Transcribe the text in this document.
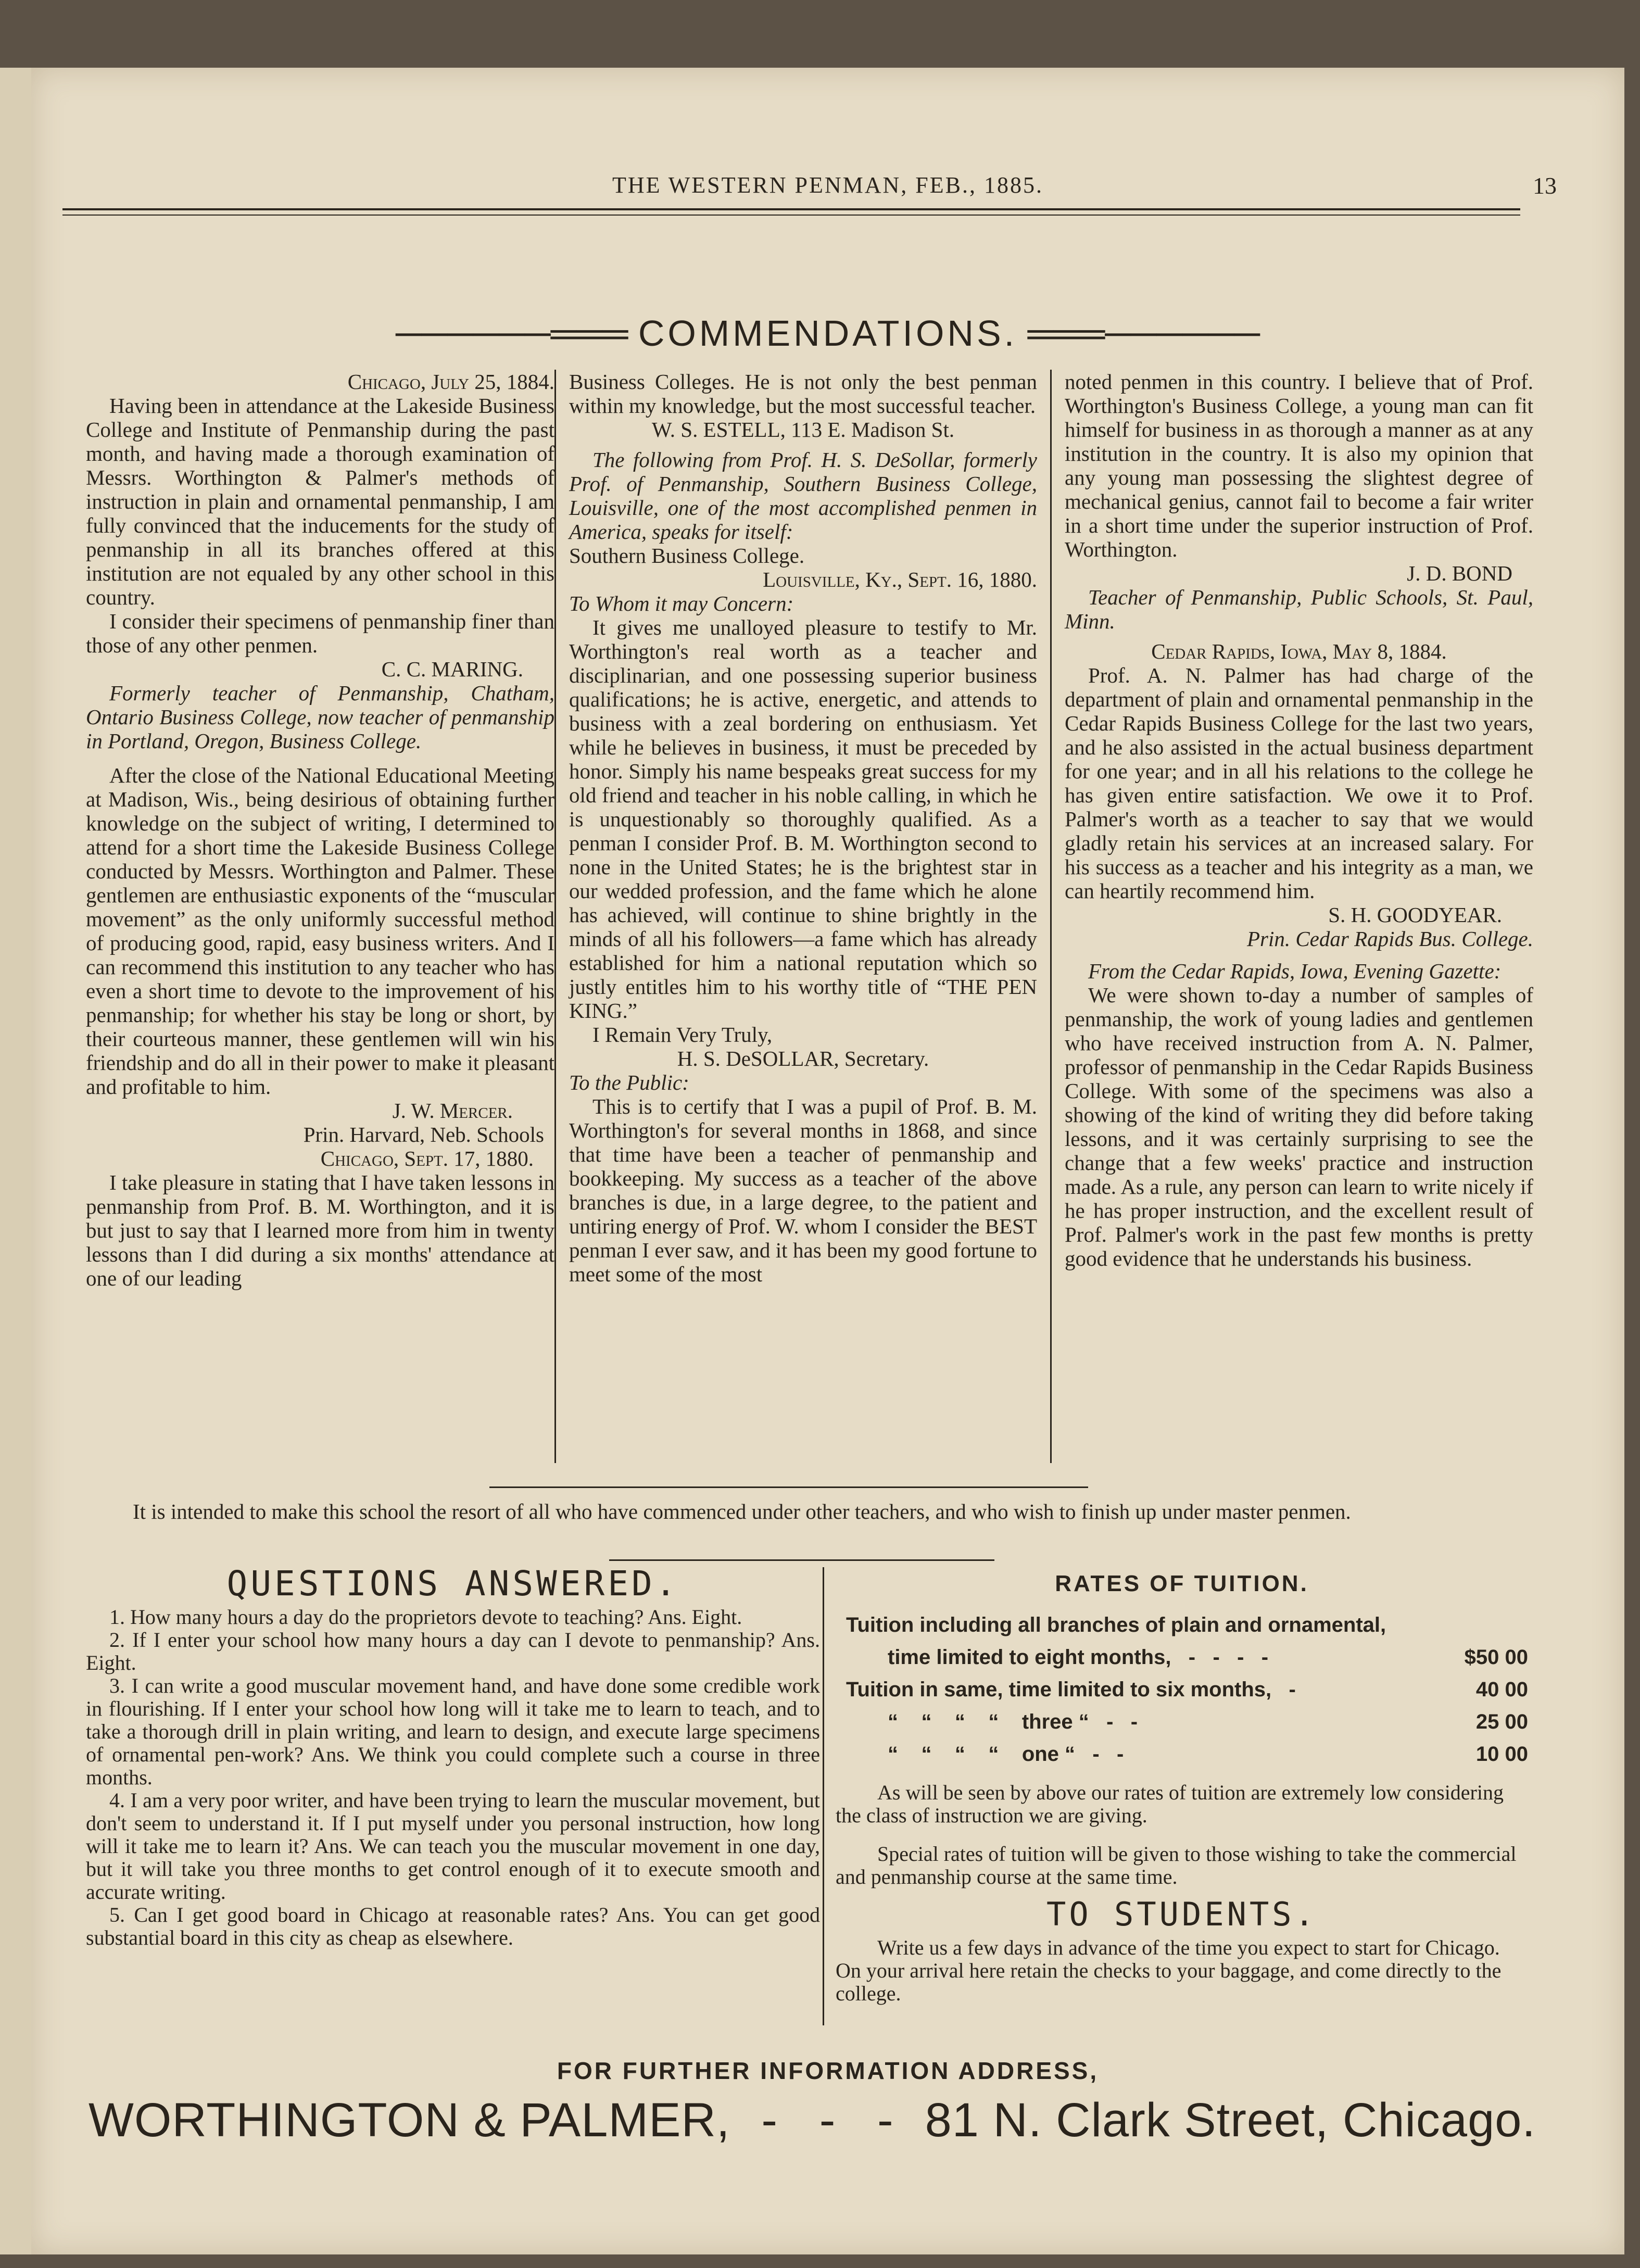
THE WESTERN PENMAN, FEB., 1885.	13
──────═══ COMMENDATIONS. ═══──────

Chicago, July 25, 1884.

Having been in attendance at the Lakeside Business College and Institute of Penmanship during the past month, and having made a thorough examination of Messrs. Worthington & Palmer's methods of instruction in plain and ornamental penmanship, I am fully convinced that the inducements for the study of penmanship in all its branches offered at this institution are not equaled by any other school in this country.

I consider their specimens of penmanship finer than those of any other penmen.

C. C. MARING.

Formerly teacher of Penmanship, Chatham, Ontario Business College, now teacher of penmanship in Portland, Oregon, Business College.

After the close of the National Educational Meeting at Madison, Wis., being desirious of obtaining further knowledge on the subject of writing, I determined to attend for a short time the Lakeside Business College conducted by Messrs. Worthington and Palmer. These gentlemen are enthusiastic exponents of the “muscular movement” as the only uniformly successful method of producing good, rapid, easy business writers. And I can recommend this institution to any teacher who has even a short time to devote to the improvement of his penmanship; for whether his stay be long or short, by their courteous manner, these gentlemen will win his friendship and do all in their power to make it pleasant and profitable to him.

J. W. Mercer.

Prin. Harvard, Neb. Schools

Chicago, Sept. 17, 1880.

I take pleasure in stating that I have taken lessons in penmanship from Prof. B. M. Worthington, and it is but just to say that I learned more from him in twenty lessons than I did during a six months' attendance at one of our leading

Business Colleges. He is not only the best penman within my knowledge, but the most successful teacher.

W. S. ESTELL, 113 E. Madison St.

The following from Prof. H. S. DeSollar, formerly Prof. of Penmanship, Southern Business College, Louisville, one of the most accomplished penmen in America, speaks for itself:

Southern Business College.

Louisville, Ky., Sept. 16, 1880.

To Whom it may Concern:

It gives me unalloyed pleasure to testify to Mr. Worthington's real worth as a teacher and disciplinarian, and one possessing superior business qualifications; he is active, energetic, and attends to business with a zeal bordering on enthusiasm. Yet while he believes in business, it must be preceded by honor. Simply his name bespeaks great success for my old friend and teacher in his noble calling, in which he is unquestionably so thoroughly qualified. As a penman I consider Prof. B. M. Worthington second to none in the United States; he is the brightest star in our wedded profession, and the fame which he alone has achieved, will continue to shine brightly in the minds of all his followers—a fame which has already established for him a national reputation which so justly entitles him to his worthy title of “THE PEN KING.”

I Remain Very Truly,

H. S. DeSOLLAR, Secretary.

To the Public:

This is to certify that I was a pupil of Prof. B. M. Worthington's for several months in 1868, and since that time have been a teacher of penmanship and bookkeeping. My success as a teacher of the above branches is due, in a large degree, to the patient and untiring energy of Prof. W. whom I consider the BEST penman I ever saw, and it has been my good fortune to meet some of the most

noted penmen in this country. I believe that of Prof. Worthington's Business College, a young man can fit himself for business in as thorough a manner as at any institution in the country. It is also my opinion that any young man possessing the slightest degree of mechanical genius, cannot fail to become a fair writer in a short time under the superior instruction of Prof. Worthington.

J. D. BOND

Teacher of Penmanship, Public Schools, St. Paul, Minn.

Cedar Rapids, Iowa, May 8, 1884.

Prof. A. N. Palmer has had charge of the department of plain and ornamental penmanship in the Cedar Rapids Business College for the last two years, and he also assisted in the actual business department for one year; and in all his relations to the college he has given entire satisfaction. We owe it to Prof. Palmer's worth as a teacher to say that we would gladly retain his services at an increased salary. For his success as a teacher and his integrity as a man, we can heartily recommend him.

S. H. GOODYEAR.

Prin. Cedar Rapids Bus. College.

From the Cedar Rapids, Iowa, Evening Gazette:

We were shown to-day a number of samples of penmanship, the work of young ladies and gentlemen who have received instruction from A. N. Palmer, professor of penmanship in the Cedar Rapids Business College. With some of the specimens was also a showing of the kind of writing they did before taking lessons, and it was certainly surprising to see the change that a few weeks' practice and instruction made. As a rule, any person can learn to write nicely if he has proper instruction, and the excellent result of Prof. Palmer's work in the past few months is pretty good evidence that he understands his business.

It is intended to make this school the resort of all who have commenced under other teachers, and who wish to finish up under master penmen.

QUESTIONS ANSWERED.

1. How many hours a day do the proprietors devote to teaching? Ans. Eight.

2. If I enter your school how many hours a day can I devote to penmanship? Ans. Eight.

3. I can write a good muscular movement hand, and have done some credible work in flourishing. If I enter your school how long will it take me to learn to teach, and to take a thorough drill in plain writing, and learn to design, and execute large specimens of ornamental pen-work? Ans. We think you could complete such a course in three months.

4. I am a very poor writer, and have been trying to learn the muscular movement, but don't seem to understand it. If I put myself under you personal instruction, how long will it take me to learn it? Ans. We can teach you the muscular movement in one day, but it will take you three months to get control enough of it to execute smooth and accurate writing.

5. Can I get good board in Chicago at reasonable rates? Ans. You can get good substantial board in this city as cheap as elsewhere.

RATES OF TUITION.

Tuition including all branches of plain and ornamental,

time limited to eight months,   -   -   -   -	$50 00

Tuition in same, time limited to six months,   -	40 00

“    “    “    “    three “   -   -	25 00

“    “    “    “    one “   -   -	10 00

As will be seen by above our rates of tuition are extremely low considering the class of instruction we are giving.

Special rates of tuition will be given to those wishing to take the commercial and penmanship course at the same time.

TO STUDENTS.

Write us a few days in advance of the time you expect to start for Chicago. On your arrival here retain the checks to your baggage, and come directly to the college.

FOR FURTHER INFORMATION ADDRESS,
WORTHINGTON & PALMER, -   -   - 81 N. Clark Street, Chicago.
